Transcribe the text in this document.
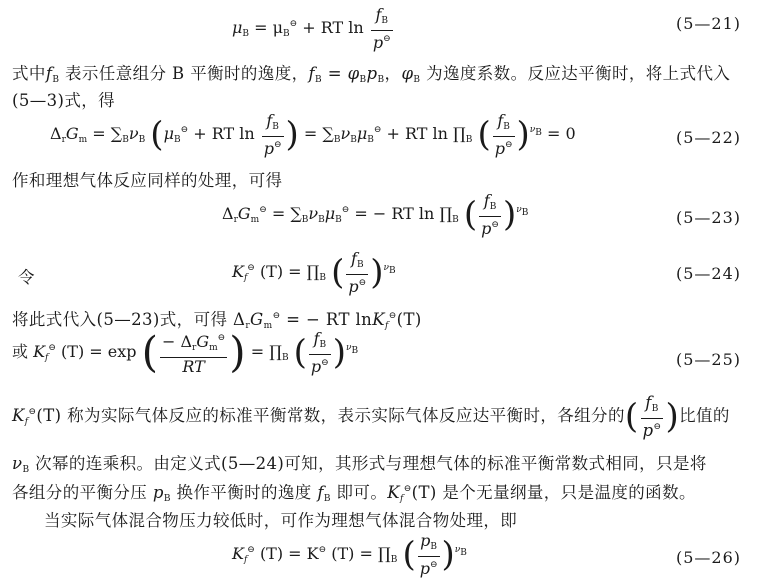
$\mu_B = \mu_B^⊖$ + RT $\ln \frac{f_B}{p^⊖}$	(5—21)
式中$f_B$ 表示任意组分 B 平衡时的逸度，$f_B = \varphi_Bp_B$，$\varphi_B$ 为逸度系数。反应达平衡时，将上式代入
(5—3)式，得
$\Delta_rG_m = \sum_B\nu_B$ ($\mu_B^⊖$ + RT $\ln \frac{f_B}{p^⊖}$ ) = $\sum_B\nu_B\mu_B^⊖$ + RT $\ln \prod_B$ ( $\frac{f_B}{p^⊖} )^{\nu_B} = 0$	(5—22)
作和理想气体反应同样的处理，可得
$\Delta_rG_m^⊖ = \sum_B\nu_B\mu_B^⊖$ = − RT $\ln \prod_B$ ( $\frac{f_B}{p^⊖} )^{\nu_B}$	(5—23)
令	$K_f^⊖$ $(T) = \prod_B$ ( $\frac{f_B}{p^⊖} )^{\nu_B}$	(5—24)
将此式代入(5—23)式，可得 $\Delta_rG_m^⊖$ = − RT lnK$_f$⊖(T)
或 $K_f^⊖$ (T) = exp ( $\frac{- \Delta_rG_m^⊖}{RT}$ ) = $\prod_B$ ( $\frac{f_B}{p^⊖} )^{\nu_B}$	(5—25)
$K_f^⊖(T)$ 称为实际气体反应的标准平衡常数，表示实际气体反应达平衡时，各组分的( $\frac{f_B}{p^⊖}$ )比值的
$\nu_B$ 次幂的连乘积。由定义式(5—24)可知，其形式与理想气体的标准平衡常数式相同，只是将
各组分的平衡分压 $p_B$ 换作平衡时的逸度 $f_B$ 即可。$K_f^⊖(T)$ 是个无量纲量，只是温度的函数。
当实际气体混合物压力较低时，可作为理想气体混合物处理，即
$K_f^⊖$ (T) = K⊖ $(T) = \prod_B$ ( $\frac{p_B}{p^⊖} )^{\nu_B}$	(5—26)
